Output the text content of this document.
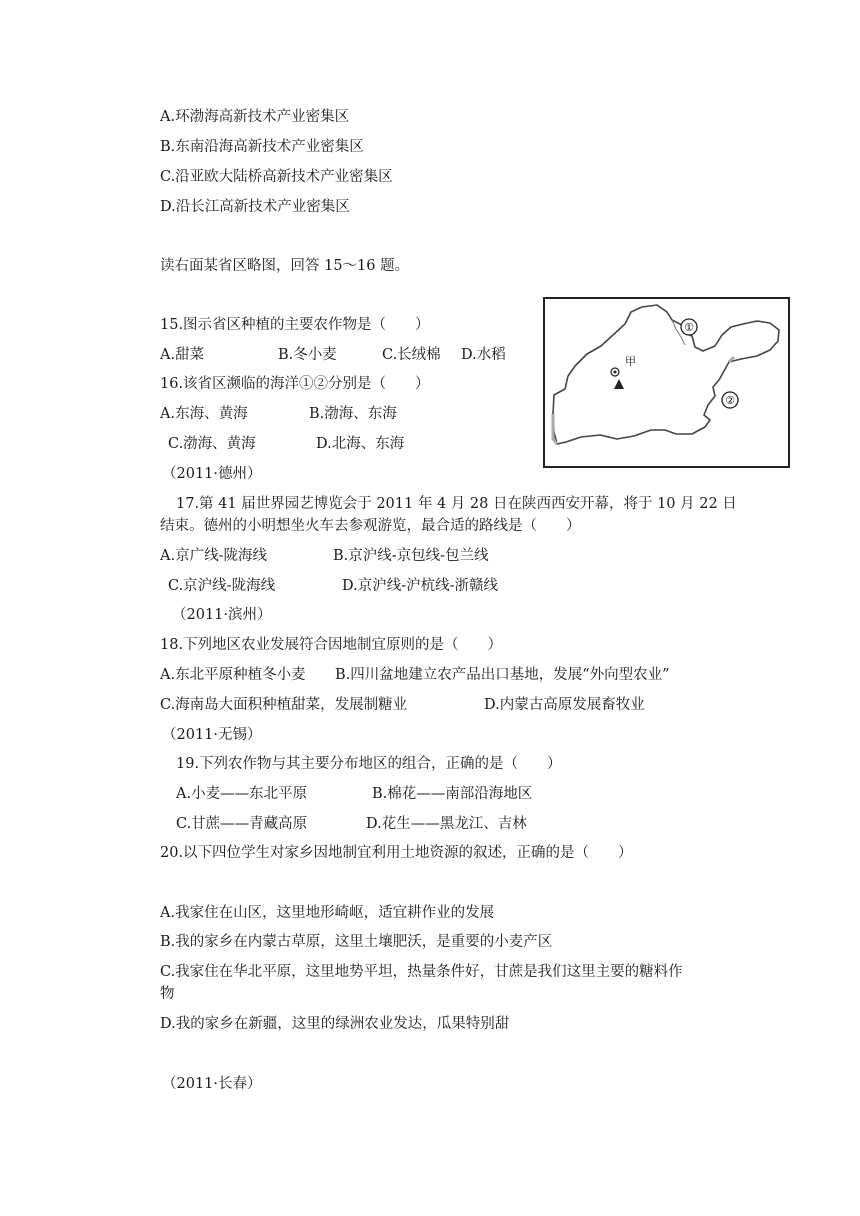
A.环渤海高新技术产业密集区
B.东南沿海高新技术产业密集区
C.沿亚欧大陆桥高新技术产业密集区
D.沿长江高新技术产业密集区
读右面某省区略图，回答 15～16 题。
15.图示省区种植的主要农作物是（　　）
A.甜菜	B.冬小麦	C.长绒棉 D.水稻
16.该省区濒临的海洋①②分别是（　　）
A.东海、黄海	B.渤海、东海
C.渤海、黄海	D.北海、东海
（2011·德州）
①
②
甲
17.第 41 届世界园艺博览会于 2011 年 4 月 28 日在陕西西安开幕，将于 10 月 22 日
结束。德州的小明想坐火车去参观游览，最合适的路线是（　　）
A.京广线-陇海线	B.京沪线-京包线-包兰线
C.京沪线-陇海线	D.京沪线-沪杭线-浙赣线
（2011·滨州）
18.下列地区农业发展符合因地制宜原则的是（　　）
A.东北平原种植冬小麦 B.四川盆地建立农产品出口基地，发展“外向型农业”
C.海南岛大面积种植甜菜，发展制糖业	D.内蒙古高原发展畜牧业
（2011·无锡）
19.下列农作物与其主要分布地区的组合，正确的是（　　）
A.小麦——东北平原	B.棉花——南部沿海地区
C.甘蔗——青藏高原	D.花生——黑龙江、吉林
20.以下四位学生对家乡因地制宜利用土地资源的叙述，正确的是（　　）
A.我家住在山区，这里地形崎岖，适宜耕作业的发展
B.我的家乡在内蒙古草原，这里土壤肥沃，是重要的小麦产区
C.我家住在华北平原，这里地势平坦，热量条件好，甘蔗是我们这里主要的糖料作
物
D.我的家乡在新疆，这里的绿洲农业发达，瓜果特别甜
（2011·长春）
